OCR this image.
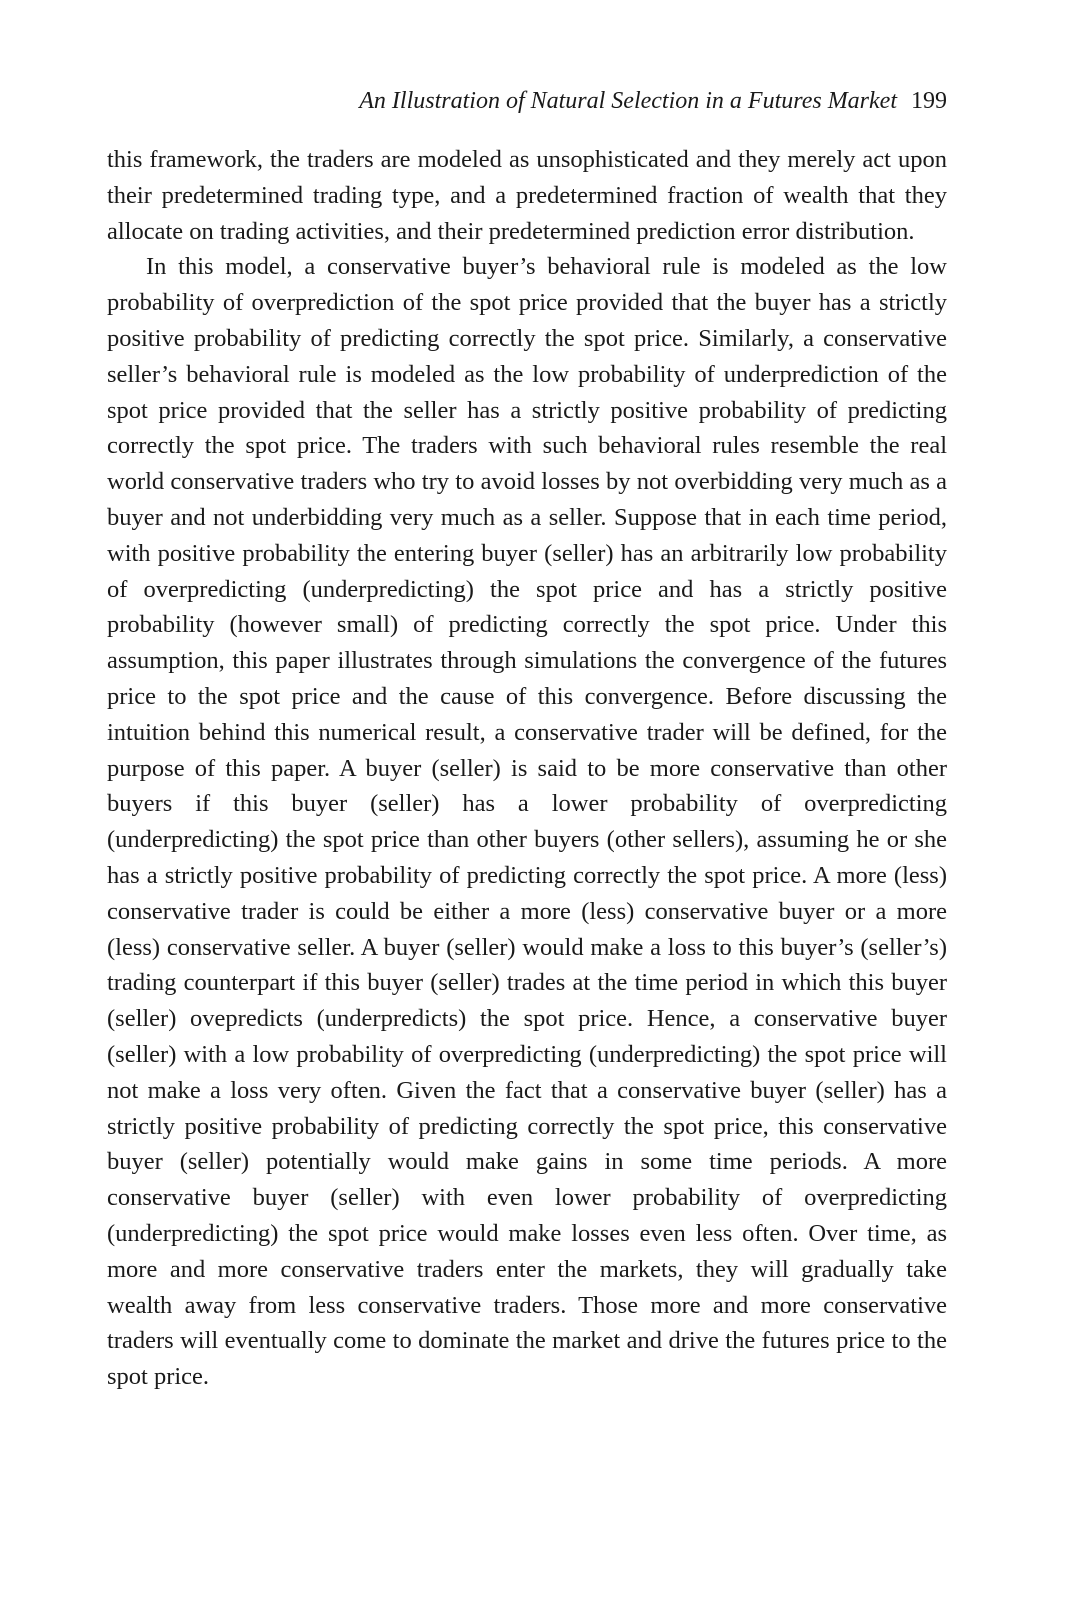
An Illustration of Natural Selection in a Futures Market 199

this framework, the traders are modeled as unsophisticated and they merely act upon their predetermined trading type, and a predetermined fraction of wealth that they allocate on trading activities, and their predetermined prediction error distribution.

In this model, a conservative buyer’s behavioral rule is modeled as the low probability of overprediction of the spot price provided that the buyer has a strictly positive probability of predicting correctly the spot price. Similarly, a conservative seller’s behavioral rule is modeled as the low probability of underprediction of the spot price provided that the seller has a strictly positive probability of predicting correctly the spot price. The traders with such behavioral rules resemble the real world conservative traders who try to avoid losses by not overbidding very much as a buyer and not underbidding very much as a seller. Suppose that in each time period, with positive probability the entering buyer (seller) has an arbitrarily low probability of overpredicting (underpredicting) the spot price and has a strictly positive probability (however small) of predicting correctly the spot price. Under this assumption, this paper illustrates through simulations the convergence of the futures price to the spot price and the cause of this convergence. Before discussing the intuition behind this numerical result, a conservative trader will be defined, for the purpose of this paper. A buyer (seller) is said to be more conservative than other buyers if this buyer (seller) has a lower probability of overpredicting (underpredicting) the spot price than other buyers (other sellers), assuming he or she has a strictly positive probability of predicting correctly the spot price. A more (less) conservative trader is could be either a more (less) conservative buyer or a more (less) conservative seller. A buyer (seller) would make a loss to this buyer’s (seller’s) trading counterpart if this buyer (seller) trades at the time period in which this buyer (seller) ovepredicts (underpredicts) the spot price. Hence, a conservative buyer (seller) with a low probability of overpredicting (underpredicting) the spot price will not make a loss very often. Given the fact that a conservative buyer (seller) has a strictly positive probability of predicting correctly the spot price, this conservative buyer (seller) potentially would make gains in some time periods. A more conservative buyer (seller) with even lower probability of overpredicting (underpredicting) the spot price would make losses even less often. Over time, as more and more conservative traders enter the markets, they will gradually take wealth away from less conservative traders. Those more and more conservative traders will eventually come to dominate the market and drive the futures price to the spot price.
